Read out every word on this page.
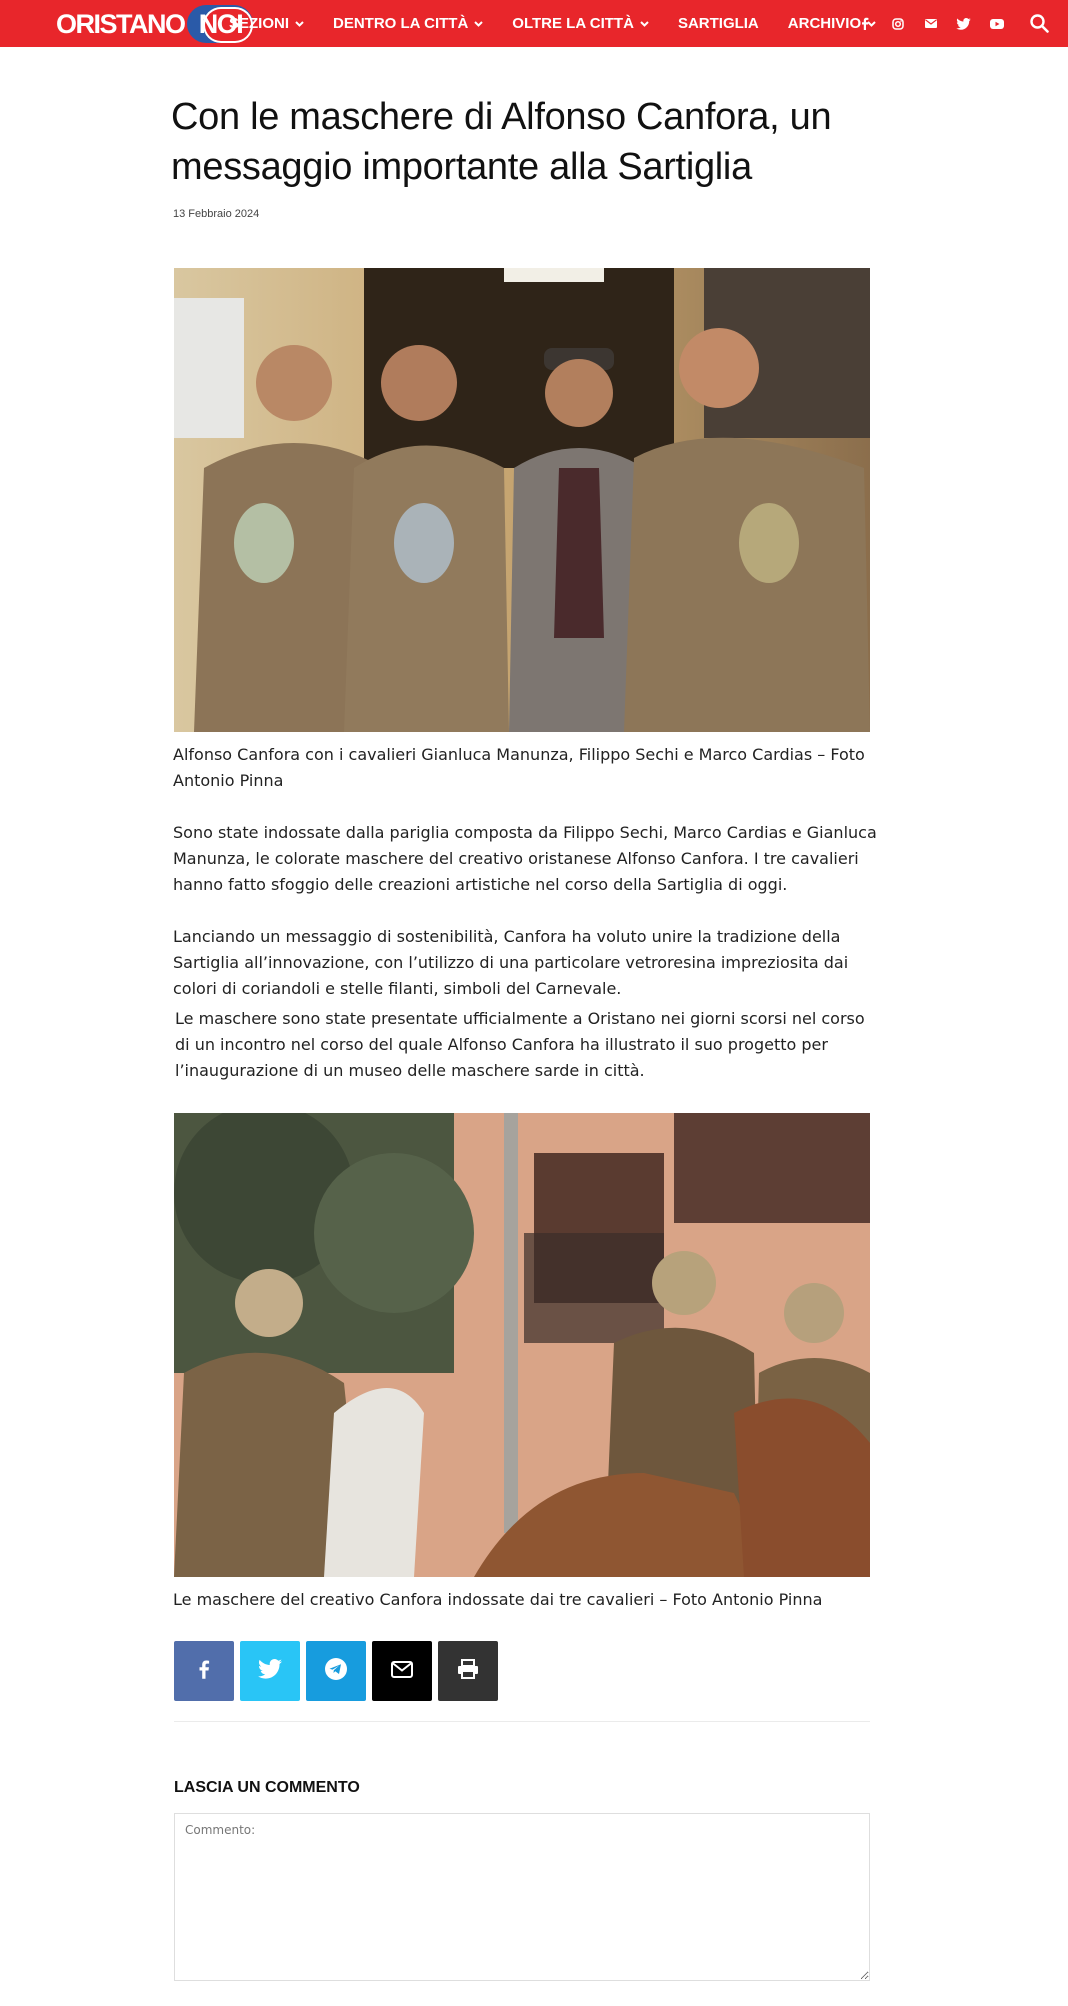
ORISTANO NOI
SEZIONI	DENTRO LA CITTÀ	OLTRE LA CITTÀ	SARTIGLIA ARCHIVIO
Con le maschere di Alfonso Canfora, un messaggio importante alla Sartiglia
13 Febbraio 2024
Alfonso Canfora con i cavalieri Gianluca Manunza, Filippo Sechi e Marco Cardias – Foto Antonio Pinna

Sono state indossate dalla pariglia composta da Filippo Sechi, Marco Cardias e Gianluca Manunza, le colorate maschere del creativo oristanese Alfonso Canfora. I tre cavalieri hanno fatto sfoggio delle creazioni artistiche nel corso della Sartiglia di oggi.

Lanciando un messaggio di sostenibilità, Canfora ha voluto unire la tradizione della Sartiglia all’innovazione, con l’utilizzo di una particolare vetroresina impreziosita dai colori di coriandoli e stelle filanti, simboli del Carnevale.

Le maschere sono state presentate ufficialmente a Oristano nei giorni scorsi nel corso di un incontro nel corso del quale Alfonso Canfora ha illustrato il suo progetto per l’inaugurazione di un museo delle maschere sarde in città.

Le maschere del creativo Canfora indossate dai tre cavalieri – Foto Antonio Pinna
LASCIA UN COMMENTO
Commento:
